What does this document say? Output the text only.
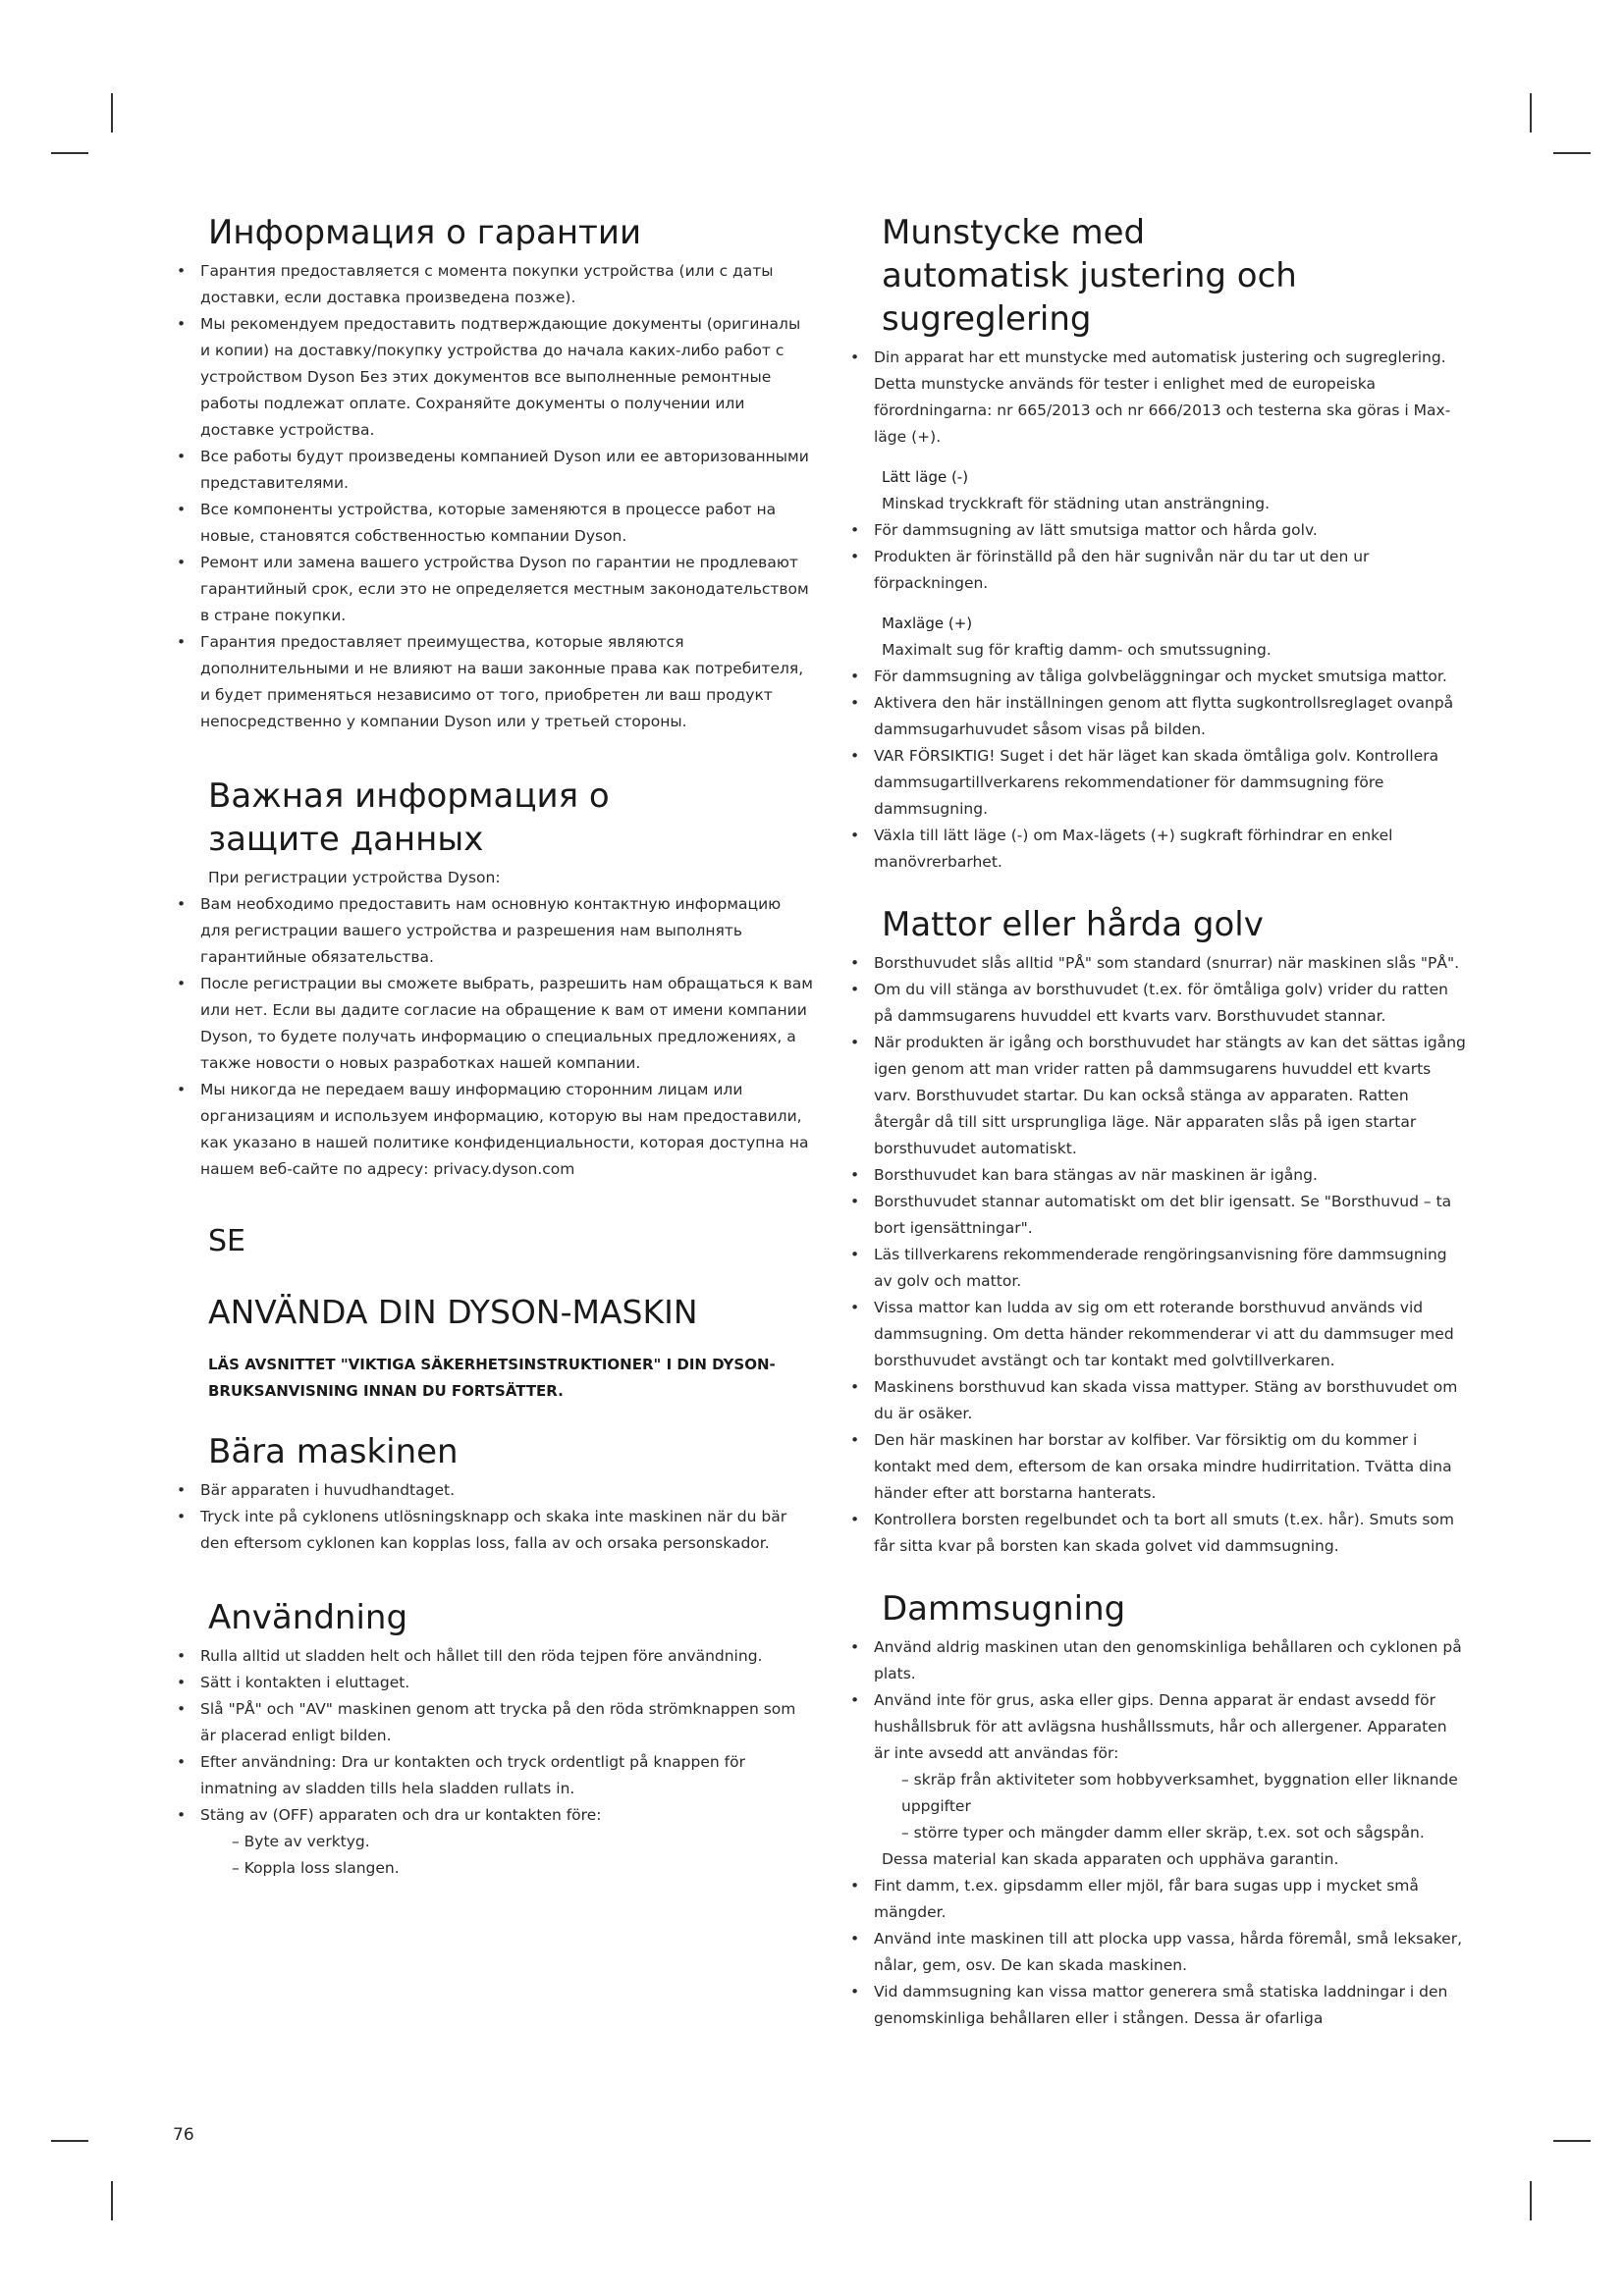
Информация о гарантии
• Гарантия предоставляется с момента покупки устройства (или с даты доставки, если доставка произведена позже).
• Мы рекомендуем предоставить подтверждающие документы (оригиналы и копии) на доставку/покупку устройства до начала каких-либо работ с устройством Dyson Без этих документов все выполненные ремонтные работы подлежат оплате. Сохраняйте документы о получении или доставке устройства.
• Все работы будут произведены компанией Dyson или ее авторизованными представителями.
• Все компоненты устройства, которые заменяются в процессе работ на новые, становятся собственностью компании Dyson.
• Ремонт или замена вашего устройства Dyson по гарантии не продлевают гарантийный срок, если это не определяется местным законодательством в стране покупки.
• Гарантия предоставляет преимущества, которые являются дополнительными и не влияют на ваши законные права как потребителя, и будет применяться независимо от того, приобретен ли ваш продукт непосредственно у компании Dyson или у третьей стороны.
Важная информация о защите данных

При регистрации устройства Dyson:

• Вам необходимо предоставить нам основную контактную информацию для регистрации вашего устройства и разрешения нам выполнять гарантийные обязательства.
• После регистрации вы сможете выбрать, разрешить нам обращаться к вам или нет. Если вы дадите согласие на обращение к вам от имени компании Dyson, то будете получать информацию о специальных предложениях, а также новости о новых разработках нашей компании.
• Мы никогда не передаем вашу информацию сторонним лицам или организациям и используем информацию, которую вы нам предоставили, как указано в нашей политике конфиденциальности, которая доступна на нашем веб-сайте по адресу: privacy.dyson.com
SE
ANVÄNDA DIN DYSON-MASKIN

LÄS AVSNITTET "VIKTIGA SÄKERHETSINSTRUKTIONER" I DIN DYSON-BRUKSANVISNING INNAN DU FORTSÄTTER.

Bära maskinen
• Bär apparaten i huvudhandtaget.
• Tryck inte på cyklonens utlösningsknapp och skaka inte maskinen när du bär den eftersom cyklonen kan kopplas loss, falla av och orsaka personskador.
Användning
• Rulla alltid ut sladden helt och hållet till den röda tejpen före användning.
• Sätt i kontakten i eluttaget.
• Slå "PÅ" och "AV" maskinen genom att trycka på den röda strömknappen som är placerad enligt bilden.
• Efter användning: Dra ur kontakten och tryck ordentligt på knappen för inmatning av sladden tills hela sladden rullats in.
• Stäng av (OFF) apparaten och dra ur kontakten före:
– Byte av verktyg.
– Koppla loss slangen.
76
Munstycke med automatisk justering och sugreglering
• Din apparat har ett munstycke med automatisk justering och sugreglering. Detta munstycke används för tester i enlighet med de europeiska förordningarna: nr 665/2013 och nr 666/2013 och testerna ska göras i Max-läge (+).

Lätt läge (-)

Minskad tryckkraft för städning utan ansträngning.

• För dammsugning av lätt smutsiga mattor och hårda golv.
• Produkten är förinställd på den här sugnivån när du tar ut den ur förpackningen.

Maxläge (+)

Maximalt sug för kraftig damm- och smutssugning.

• För dammsugning av tåliga golvbeläggningar och mycket smutsiga mattor.
• Aktivera den här inställningen genom att flytta sugkontrollsreglaget ovanpå dammsugarhuvudet såsom visas på bilden.
• VAR FÖRSIKTIG! Suget i det här läget kan skada ömtåliga golv. Kontrollera dammsugartillverkarens rekommendationer för dammsugning före dammsugning.
• Växla till lätt läge (-) om Max-lägets (+) sugkraft förhindrar en enkel manövrerbarhet.
Mattor eller hårda golv
• Borsthuvudet slås alltid "PÅ" som standard (snurrar) när maskinen slås "PÅ".
• Om du vill stänga av borsthuvudet (t.ex. för ömtåliga golv) vrider du ratten på dammsugarens huvuddel ett kvarts varv. Borsthuvudet stannar.
• När produkten är igång och borsthuvudet har stängts av kan det sättas igång igen genom att man vrider ratten på dammsugarens huvuddel ett kvarts varv. Borsthuvudet startar. Du kan också stänga av apparaten. Ratten återgår då till sitt ursprungliga läge. När apparaten slås på igen startar borsthuvudet automatiskt.
• Borsthuvudet kan bara stängas av när maskinen är igång.
• Borsthuvudet stannar automatiskt om det blir igensatt. Se "Borsthuvud – ta bort igensättningar".
• Läs tillverkarens rekommenderade rengöringsanvisning före dammsugning av golv och mattor.
• Vissa mattor kan ludda av sig om ett roterande borsthuvud används vid dammsugning. Om detta händer rekommenderar vi att du dammsuger med borsthuvudet avstängt och tar kontakt med golvtillverkaren.
• Maskinens borsthuvud kan skada vissa mattyper. Stäng av borsthuvudet om du är osäker.
• Den här maskinen har borstar av kolfiber. Var försiktig om du kommer i kontakt med dem, eftersom de kan orsaka mindre hudirritation. Tvätta dina händer efter att borstarna hanterats.
• Kontrollera borsten regelbundet och ta bort all smuts (t.ex. hår). Smuts som får sitta kvar på borsten kan skada golvet vid dammsugning.
Dammsugning
• Använd aldrig maskinen utan den genomskinliga behållaren och cyklonen på plats.
• Använd inte för grus, aska eller gips. Denna apparat är endast avsedd för hushållsbruk för att avlägsna hushållssmuts, hår och allergener. Apparaten är inte avsedd att användas för:
– skräp från aktiviteter som hobbyverksamhet, byggnation eller liknande uppgifter
– större typer och mängder damm eller skräp, t.ex. sot och sågspån.

Dessa material kan skada apparaten och upphäva garantin.

• Fint damm, t.ex. gipsdamm eller mjöl, får bara sugas upp i mycket små mängder.
• Använd inte maskinen till att plocka upp vassa, hårda föremål, små leksaker, nålar, gem, osv. De kan skada maskinen.
• Vid dammsugning kan vissa mattor generera små statiska laddningar i den genomskinliga behållaren eller i stången. Dessa är ofarliga
